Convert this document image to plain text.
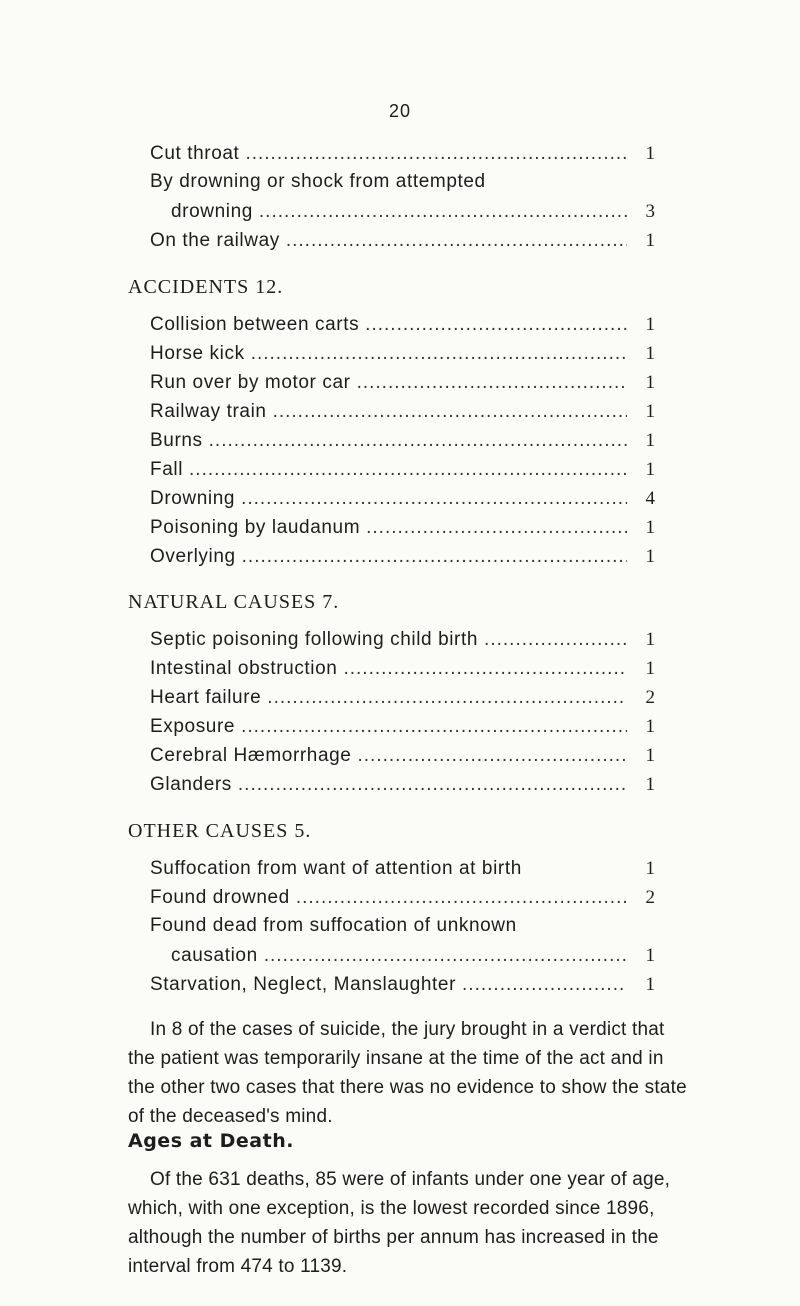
20
Cut throat .....	1
By drowning or shock from attempted
drowning .....	3
On the railway .....	1
ACCIDENTS 12.
Collision between carts .....	1
Horse kick .....	1
Run over by motor car .....	1
Railway train .....	1
Burns .....	1
Fall .....	1
Drowning .....	4
Poisoning by laudanum .....	1
Overlying .....	1
NATURAL CAUSES 7.
Septic poisoning following child birth .....	1
Intestinal obstruction .....	1
Heart failure .....	2
Exposure .....	1
Cerebral Hæmorrhage .....	1
Glanders .....	1
OTHER CAUSES 5.
Suffocation from want of attention at birth	1
Found drowned .....	2
Found dead from suffocation of unknown
causation .....	1
Starvation, Neglect, Manslaughter .....	1
In 8 of the cases of suicide, the jury brought in a verdict that
the patient was temporarily insane at the time of the act and in
the other two cases that there was no evidence to show the state
of the deceased's mind.
Ages at Death.
Of the 631 deaths, 85 were of infants under one year of age,
which, with one exception, is the lowest recorded since 1896,
although the number of births per annum has increased in the
interval from 474 to 1139.
